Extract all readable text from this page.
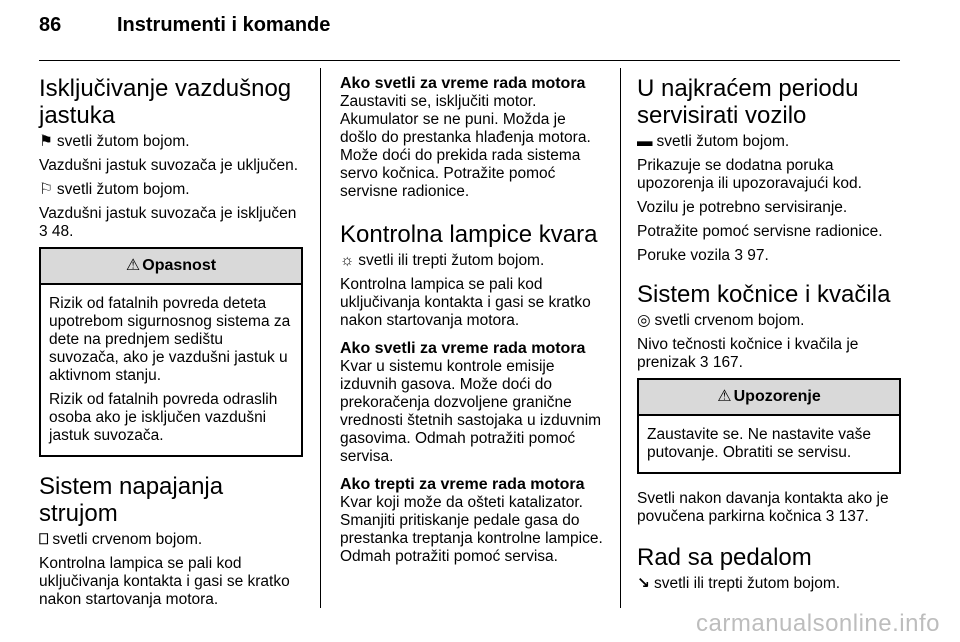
86	Instrumenti i komande
Isključivanje vazdušnog jastuka

⚑ svetli žutom bojom.

Vazdušni jastuk suvozača je uključen.

⚐ svetli žutom bojom.

Vazdušni jastuk suvozača je isključen

3 48.

⚠ Opasnost

Rizik od fatalnih povreda deteta upotrebom sigurnosnog sistema za dete na prednjem sedištu suvozača, ako je vazdušni jastuk u aktivnom stanju.

Rizik od fatalnih povreda odraslih osoba ako je isključen vazdušni jastuk suvozača.

Sistem napajanja strujom

⎕ svetli crvenom bojom.

Kontrolna lampica se pali kod uključivanja kontakta i gasi se kratko nakon startovanja motora.

Ako svetli za vreme rada motora

Zaustaviti se, isključiti motor. Akumulator se ne puni. Možda je došlo do prestanka hlađenja motora. Može doći do prekida rada sistema servo kočnica. Potražite pomoć servisne radionice.

Kontrolna lampice kvara

☼ svetli ili trepti žutom bojom.

Kontrolna lampica se pali kod uključivanja kontakta i gasi se kratko nakon startovanja motora.

Ako svetli za vreme rada motora

Kvar u sistemu kontrole emisije izduvnih gasova. Može doći do prekoračenja dozvoljene granične vrednosti štetnih sastojaka u izduvnim gasovima. Odmah potražiti pomoć servisa.

Ako trepti za vreme rada motora

Kvar koji može da ošteti katalizator. Smanjiti pritiskanje pedale gasa do prestanka treptanja kontrolne lampice. Odmah potražiti pomoć servisa.

U najkraćem periodu servisirati vozilo

▬ svetli žutom bojom.

Prikazuje se dodatna poruka upozorenja ili upozoravajući kod.

Vozilu je potrebno servisiranje.

Potražite pomoć servisne radionice.

Poruke vozila 3 97.

Sistem kočnice i kvačila

◎ svetli crvenom bojom.

Nivo tečnosti kočnice i kvačila je prenizak 3 167.

⚠ Upozorenje

Zaustavite se. Ne nastavite vaše putovanje. Obratiti se servisu.

Svetli nakon davanja kontakta ako je povučena parkirna kočnica 3 137.

Rad sa pedalom

↘ svetli ili trepti žutom bojom.

carmanualsonline.info
